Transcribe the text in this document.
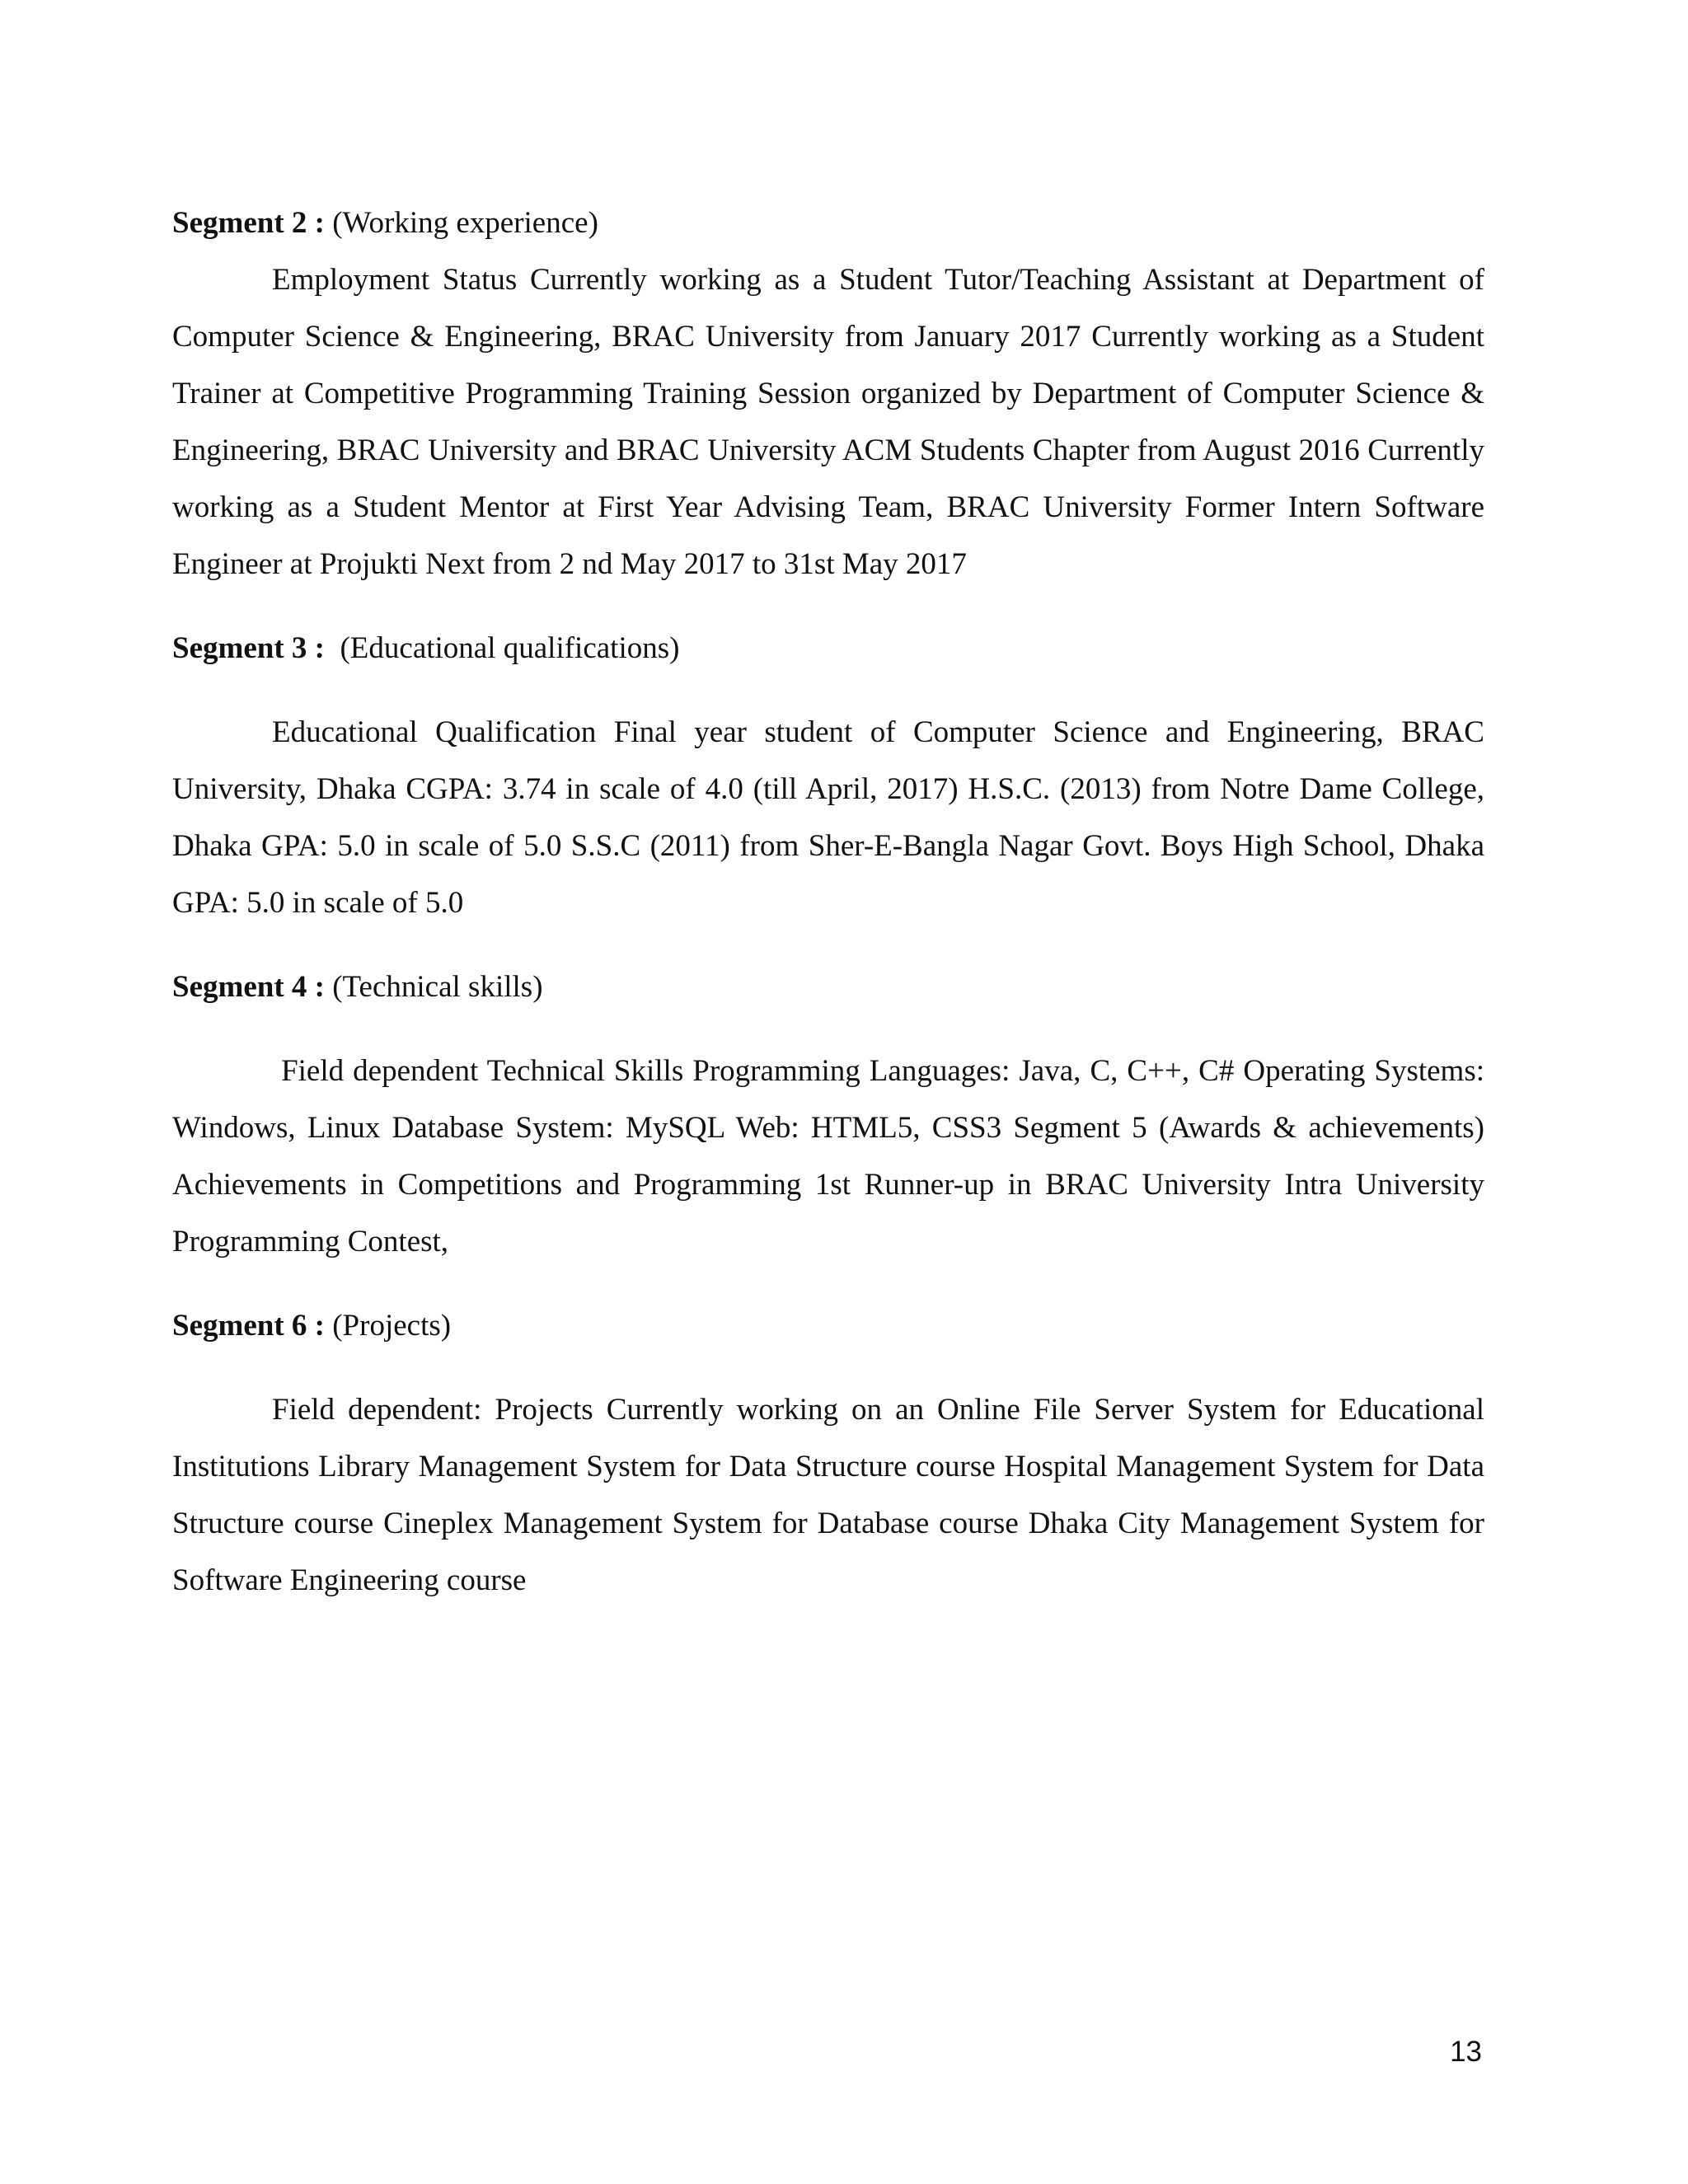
Segment 2 : (Working experience)

Employment Status Currently working as a Student Tutor/Teaching Assistant at Department of Computer Science & Engineering, BRAC University from January 2017 Currently working as a Student Trainer at Competitive Programming Training Session organized by Department of Computer Science & Engineering, BRAC University and BRAC University ACM Students Chapter from August 2016 Currently working as a Student Mentor at First Year Advising Team, BRAC University Former Intern Software Engineer at Projukti Next from 2 nd May 2017 to 31st May 2017

Segment 3 :  (Educational qualifications)

Educational Qualification Final year student of Computer Science and Engineering, BRAC University, Dhaka CGPA: 3.74 in scale of 4.0 (till April, 2017) H.S.C. (2013) from Notre Dame College, Dhaka GPA: 5.0 in scale of 5.0 S.S.C (2011) from Sher-E-Bangla Nagar Govt. Boys High School, Dhaka GPA: 5.0 in scale of 5.0

Segment 4 : (Technical skills)

Field dependent Technical Skills Programming Languages: Java, C, C++, C# Operating Systems: Windows, Linux Database System: MySQL Web: HTML5, CSS3 Segment 5 (Awards & achievements) Achievements in Competitions and Programming 1st Runner-up in BRAC University Intra University Programming Contest,

Segment 6 : (Projects)

Field dependent: Projects Currently working on an Online File Server System for Educational Institutions Library Management System for Data Structure course Hospital Management System for Data Structure course Cineplex Management System for Database course Dhaka City Management System for Software Engineering course

13
